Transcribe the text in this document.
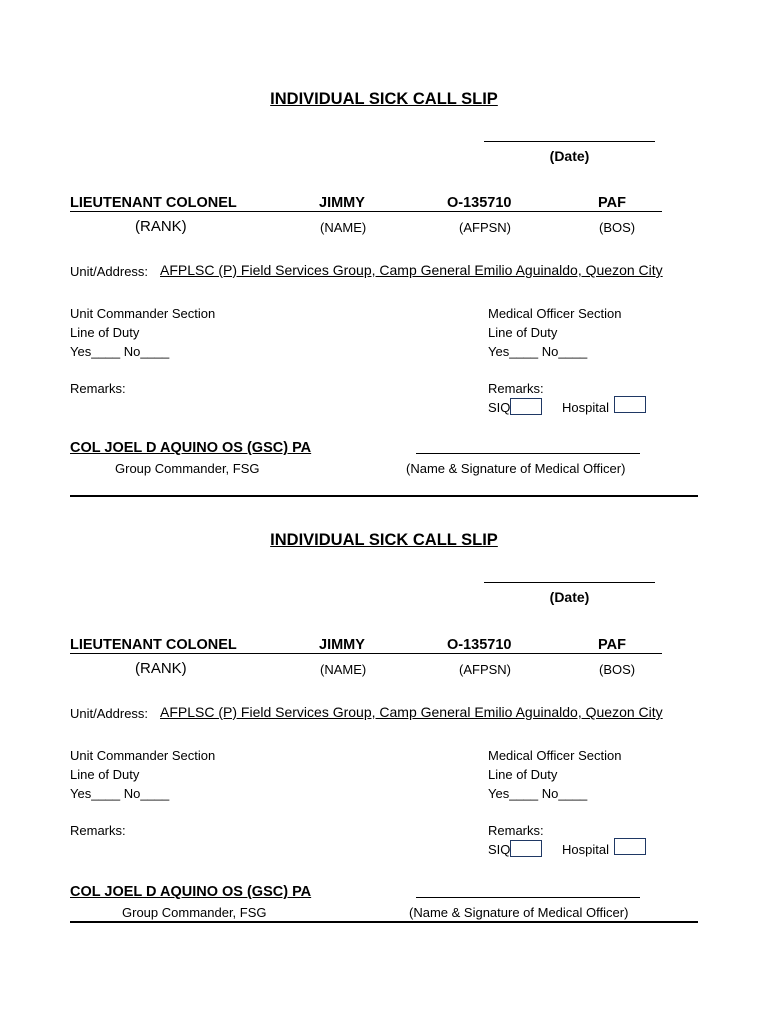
INDIVIDUAL SICK CALL SLIP
(Date)
LIEUTENANT COLONEL	JIMMY	O-135710	PAF
(RANK)	(NAME)	(AFPSN)	(BOS)
Unit/Address: AFPLSC (P) Field Services Group, Camp General Emilio Aguinaldo, Quezon City
Unit Commander Section
Line of Duty
Yes____ No____
Remarks:
Medical Officer Section
Line of Duty
Yes____ No____
Remarks:
SIQ	Hospital
COL JOEL D AQUINO OS (GSC) PA
Group Commander, FSG	(Name & Signature of Medical Officer)
INDIVIDUAL SICK CALL SLIP
(Date)
LIEUTENANT COLONEL	JIMMY	O-135710	PAF
(RANK)	(NAME)	(AFPSN)	(BOS)
Unit/Address: AFPLSC (P) Field Services Group, Camp General Emilio Aguinaldo, Quezon City
Unit Commander Section
Line of Duty
Yes____ No____
Remarks:
Medical Officer Section
Line of Duty
Yes____ No____
Remarks:
SIQ	Hospital
COL JOEL D AQUINO OS (GSC) PA
Group Commander, FSG	(Name & Signature of Medical Officer)
